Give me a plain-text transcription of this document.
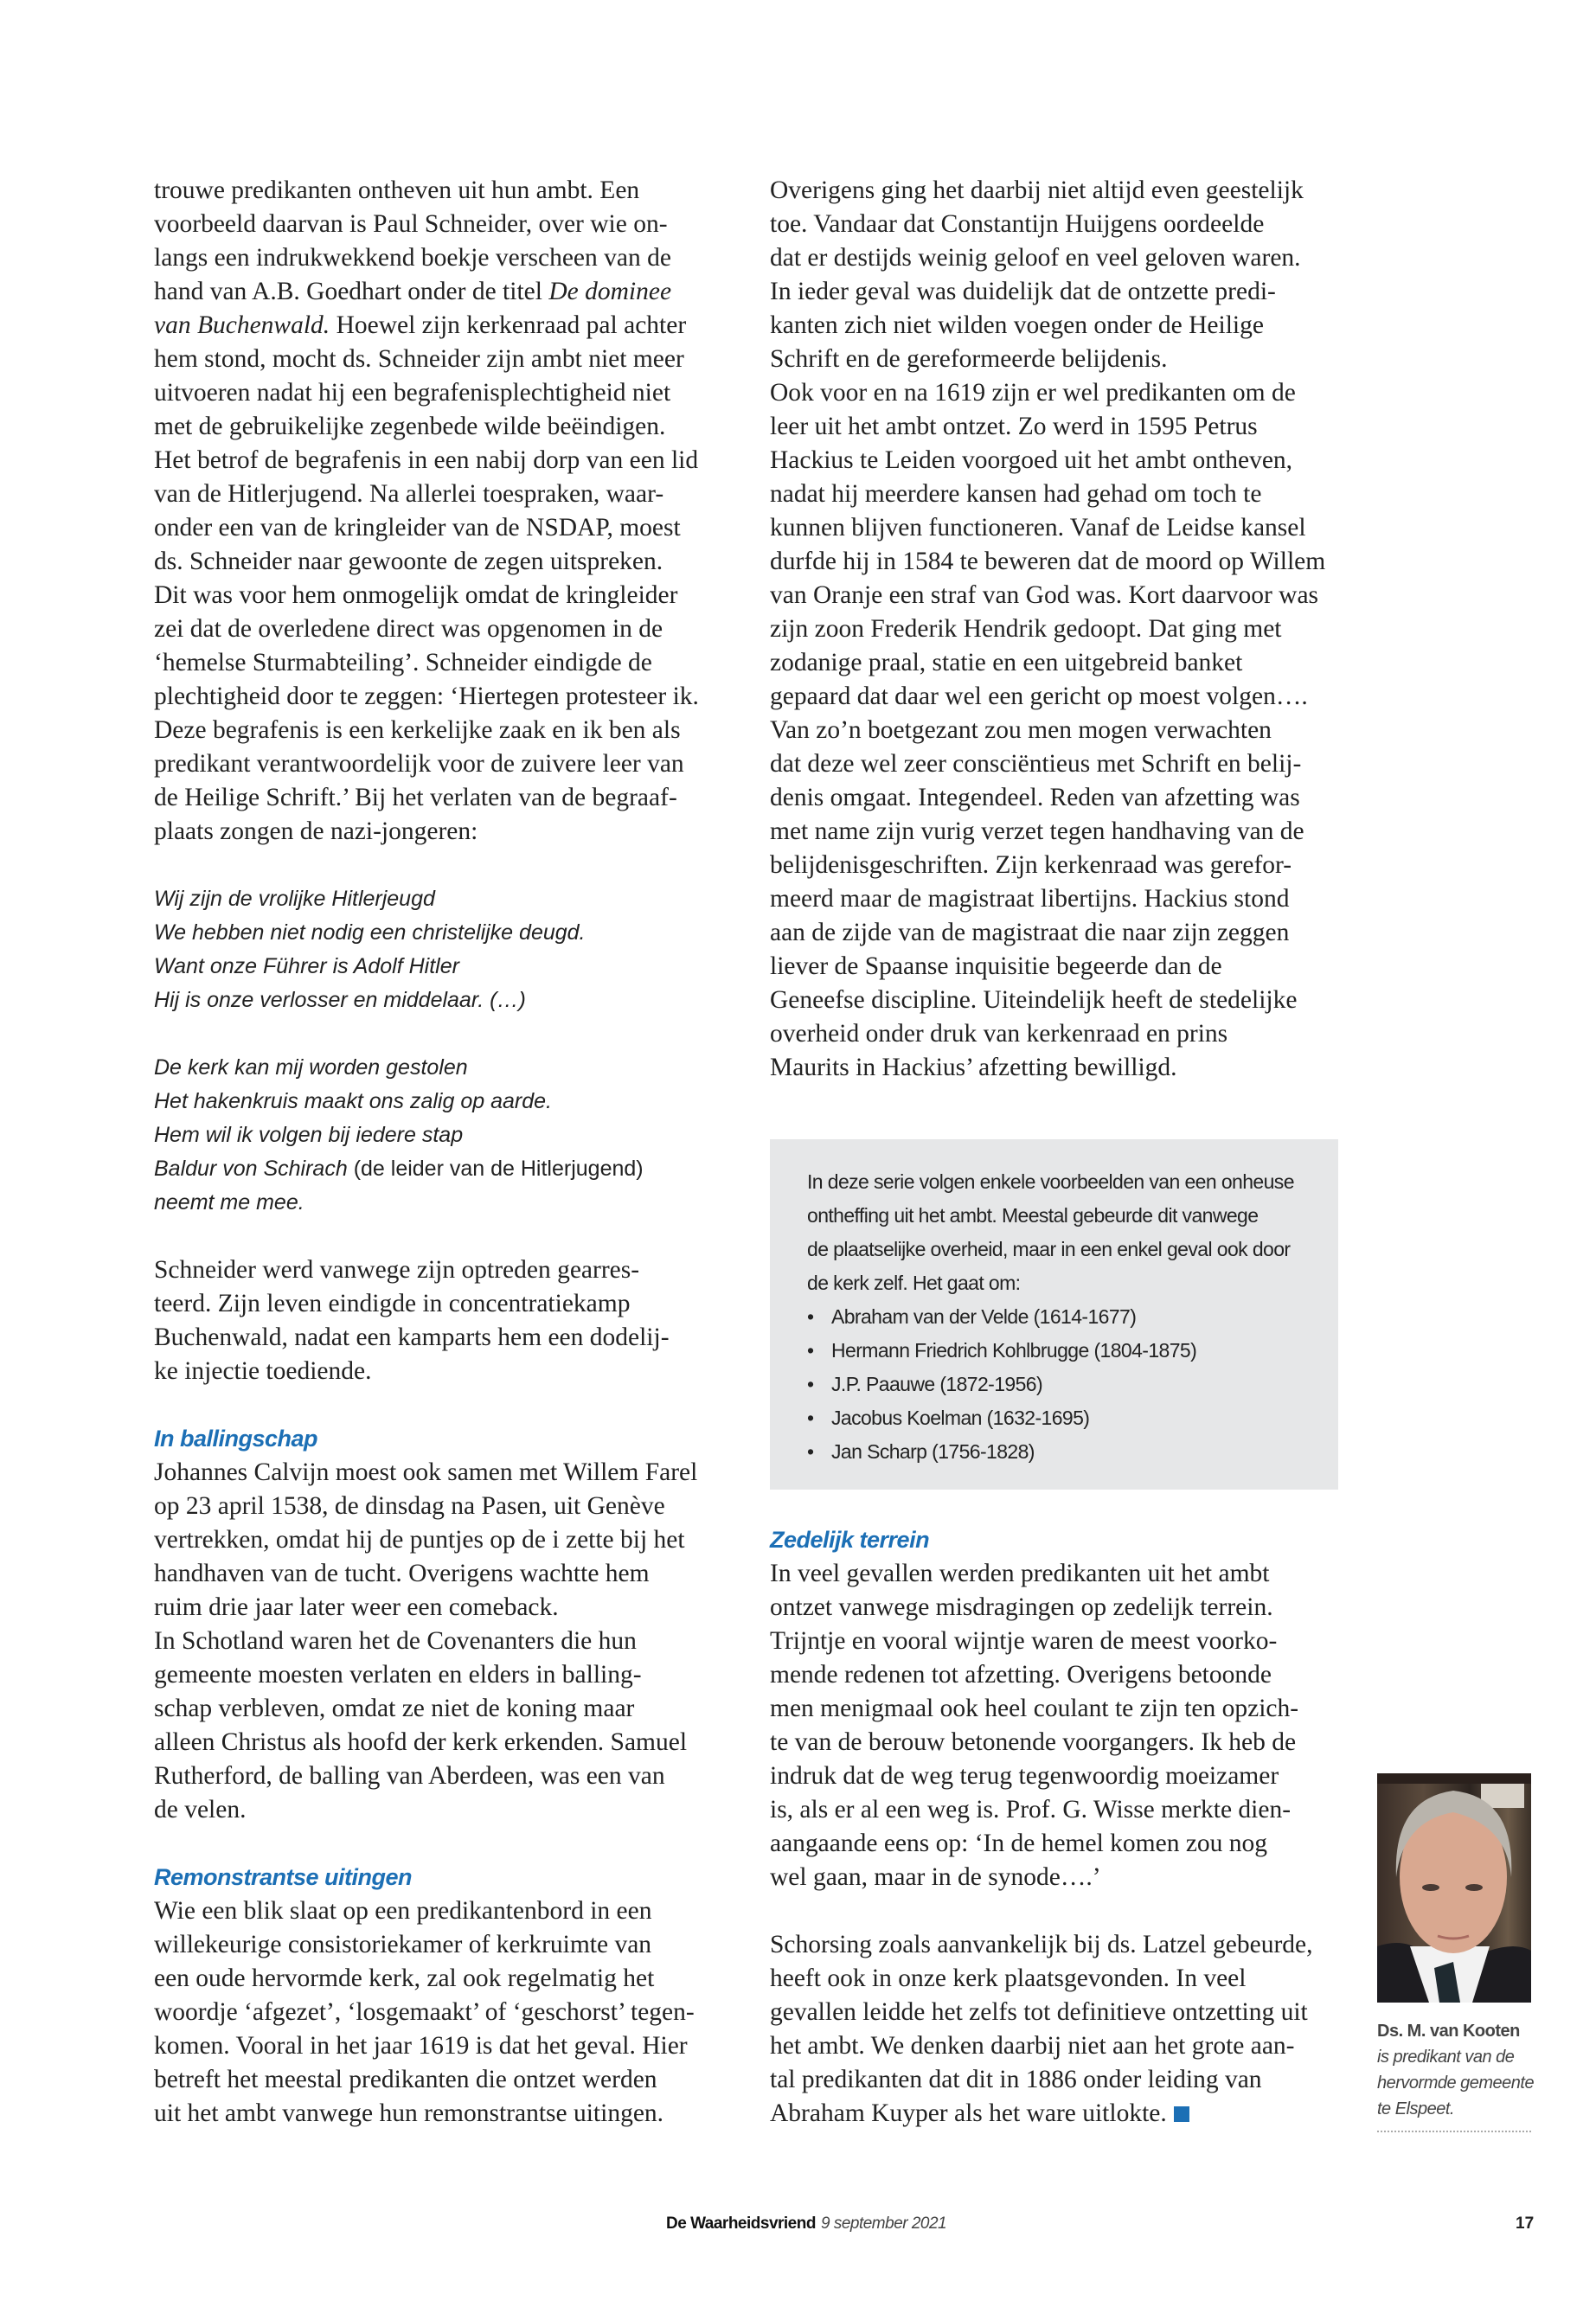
trouwe predikanten ontheven uit hun ambt. Een
voorbeeld daarvan is Paul Schneider, over wie on-
langs een indrukwekkend boekje verscheen van de
hand van A.B. Goedhart onder de titel De dominee
van Buchenwald. Hoewel zijn kerkenraad pal achter
hem stond, mocht ds. Schneider zijn ambt niet meer
uitvoeren nadat hij een begrafenisplechtigheid niet
met de gebruikelijke zegenbede wilde beëindigen.
Het betrof de begrafenis in een nabij dorp van een lid
van de Hitlerjugend. Na allerlei toespraken, waar-
onder een van de kringleider van de NSDAP, moest
ds. Schneider naar gewoonte de zegen uitspreken.
Dit was voor hem onmogelijk omdat de kringleider
zei dat de overledene direct was opgenomen in de
‘hemelse Sturmabteiling’. Schneider eindigde de
plechtigheid door te zeggen: ‘Hiertegen protesteer ik.
Deze begrafenis is een kerkelijke zaak en ik ben als
predikant verantwoordelijk voor de zuivere leer van
de Heilige Schrift.’ Bij het verlaten van de begraaf-
plaats zongen de nazi-jongeren:
Wij zijn de vrolijke Hitlerjeugd
We hebben niet nodig een christelijke deugd.
Want onze Führer is Adolf Hitler
Hij is onze verlosser en middelaar. (…)
De kerk kan mij worden gestolen
Het hakenkruis maakt ons zalig op aarde.
Hem wil ik volgen bij iedere stap
Baldur von Schirach (de leider van de Hitlerjugend)
neemt me mee.
Schneider werd vanwege zijn optreden gearres-
teerd. Zijn leven eindigde in concentratiekamp
Buchenwald, nadat een kamparts hem een dodelij-
ke injectie toediende.
In ballingschap
Johannes Calvijn moest ook samen met Willem Farel
op 23 april 1538, de dinsdag na Pasen, uit Genève
vertrekken, omdat hij de puntjes op de i zette bij het
handhaven van de tucht. Overigens wachtte hem
ruim drie jaar later weer een comeback.
In Schotland waren het de Covenanters die hun
gemeente moesten verlaten en elders in balling-
schap verbleven, omdat ze niet de koning maar
alleen Christus als hoofd der kerk erkenden. Samuel
Rutherford, de balling van Aberdeen, was een van
de velen.
Remonstrantse uitingen
Wie een blik slaat op een predikantenbord in een
willekeurige consistoriekamer of kerkruimte van
een oude hervormde kerk, zal ook regelmatig het
woordje ‘afgezet’, ‘losgemaakt’ of ‘geschorst’ tegen-
komen. Vooral in het jaar 1619 is dat het geval. Hier
betreft het meestal predikanten die ontzet werden
uit het ambt vanwege hun remonstrantse uitingen.
Overigens ging het daarbij niet altijd even geestelijk
toe. Vandaar dat Constantijn Huijgens oordeelde
dat er destijds weinig geloof en veel geloven waren.
In ieder geval was duidelijk dat de ontzette predi-
kanten zich niet wilden voegen onder de Heilige
Schrift en de gereformeerde belijdenis.
Ook voor en na 1619 zijn er wel predikanten om de
leer uit het ambt ontzet. Zo werd in 1595 Petrus
Hackius te Leiden voorgoed uit het ambt ontheven,
nadat hij meerdere kansen had gehad om toch te
kunnen blijven functioneren. Vanaf de Leidse kansel
durfde hij in 1584 te beweren dat de moord op Willem
van Oranje een straf van God was. Kort daarvoor was
zijn zoon Frederik Hendrik gedoopt. Dat ging met
zodanige praal, statie en een uitgebreid banket
gepaard dat daar wel een gericht op moest volgen….
Van zo’n boetgezant zou men mogen verwachten
dat deze wel zeer consciëntieus met Schrift en belij-
denis omgaat. Integendeel. Reden van afzetting was
met name zijn vurig verzet tegen handhaving van de
belijdenisgeschriften. Zijn kerkenraad was gerefor-
meerd maar de magistraat libertijns. Hackius stond
aan de zijde van de magistraat die naar zijn zeggen
liever de Spaanse inquisitie begeerde dan de
Geneefse discipline. Uiteindelijk heeft de stedelijke
overheid onder druk van kerkenraad en prins
Maurits in Hackius’ afzetting bewilligd.
Zedelijk terrein
In veel gevallen werden predikanten uit het ambt
ontzet vanwege misdragingen op zedelijk terrein.
Trijntje en vooral wijntje waren de meest voorko-
mende redenen tot afzetting. Overigens betoonde
men menigmaal ook heel coulant te zijn ten opzich-
te van de berouw betonende voorgangers. Ik heb de
indruk dat de weg terug tegenwoordig moeizamer
is, als er al een weg is. Prof. G. Wisse merkte dien-
aangaande eens op: ‘In de hemel komen zou nog
wel gaan, maar in de synode….’
Schorsing zoals aanvankelijk bij ds. Latzel gebeurde,
heeft ook in onze kerk plaatsgevonden. In veel
gevallen leidde het zelfs tot definitieve ontzetting uit
het ambt. We denken daarbij niet aan het grote aan-
tal predikanten dat dit in 1886 onder leiding van
Abraham Kuyper als het ware uitlokte.
In deze serie volgen enkele voorbeelden van een onheuse
ontheffing uit het ambt. Meestal gebeurde dit vanwege
de plaatselijke overheid, maar in een enkel geval ook door
de kerk zelf. Het gaat om:
• Abraham van der Velde (1614-1677)
• Hermann Friedrich Kohlbrugge (1804-1875)
• J.P. Paauwe (1872-1956)
• Jacobus Koelman (1632-1695)
• Jan Scharp (1756-1828)
Ds. M. van Kooten
is predikant van de
hervormde gemeente
te Elspeet.
De Waarheidsvriend 9 september 2021	17
